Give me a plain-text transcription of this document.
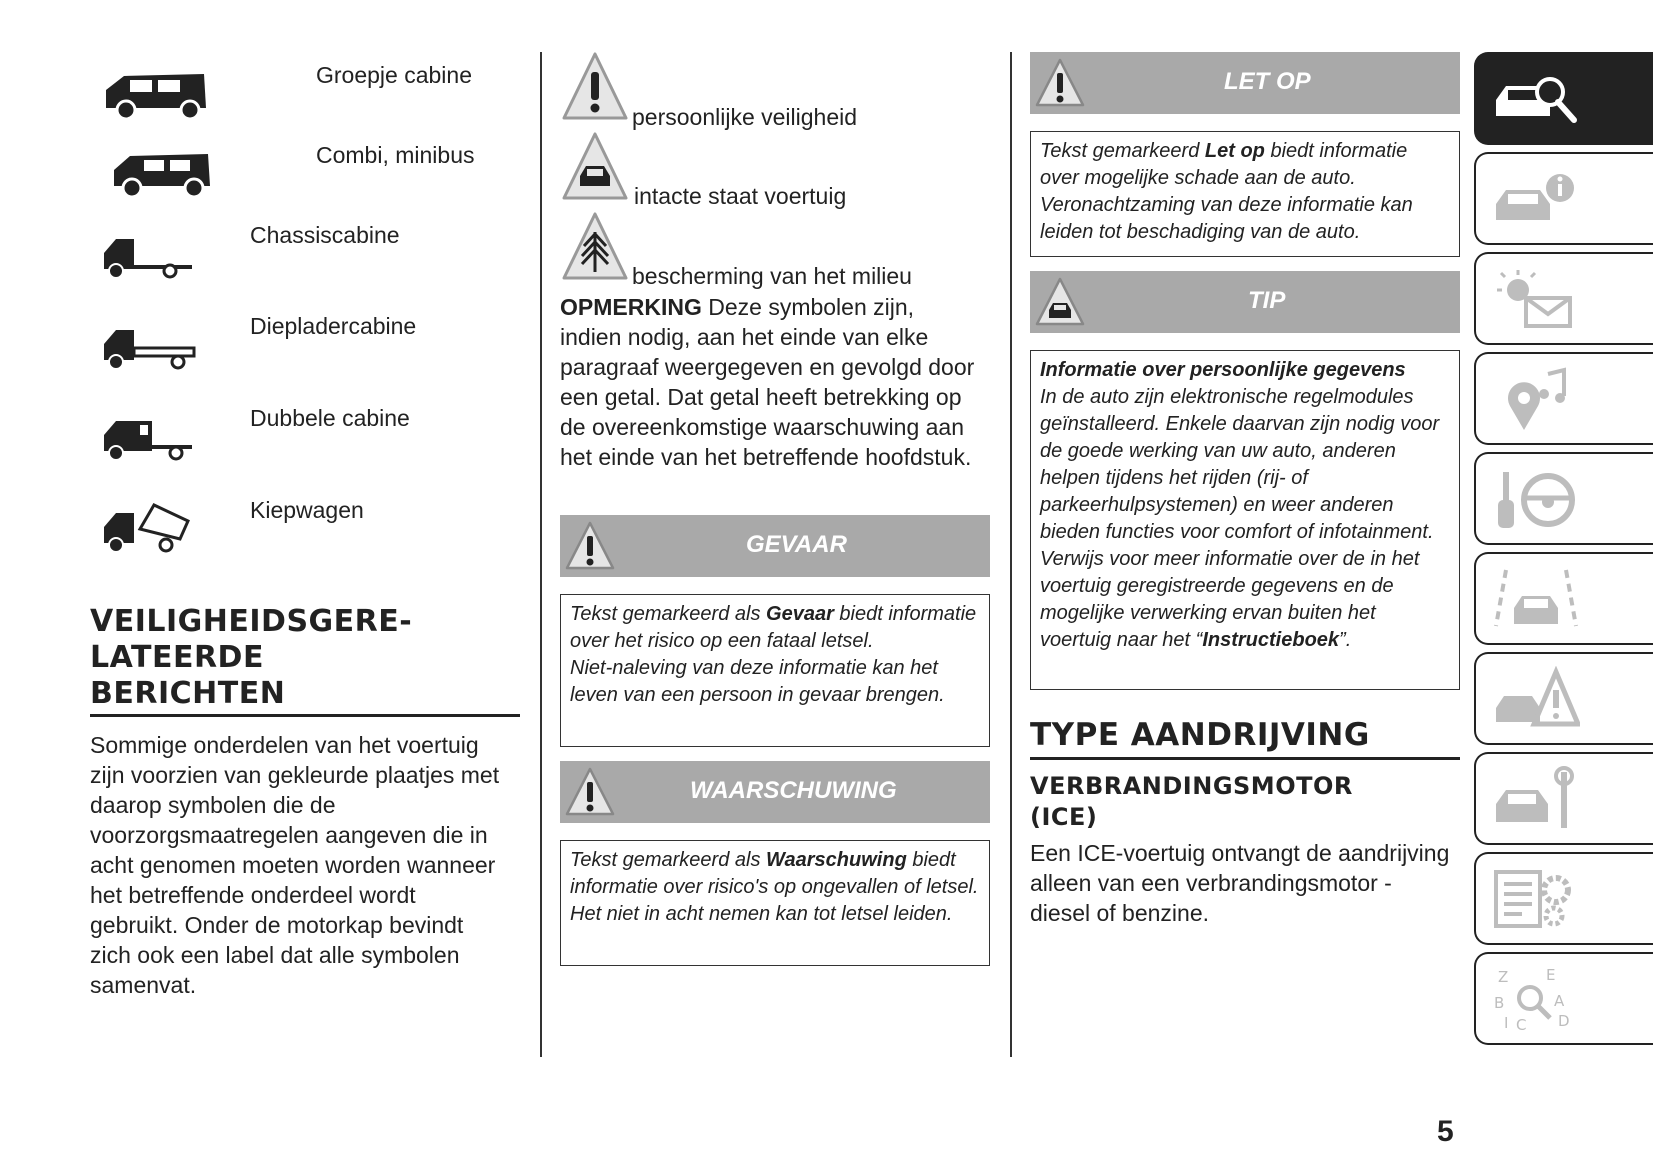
Groepje cabine
Combi, minibus
Chassiscabine
Diepladercabine
Dubbele cabine
Kiepwagen
VEILIGHEIDSGERE-
LATEERDE
BERICHTEN
Sommige onderdelen van het voertuig zijn voorzien van gekleurde plaatjes met daarop symbolen die de voorzorgsmaatregelen aangeven die in acht genomen moeten worden wanneer het betreffende onderdeel wordt gebruikt. Onder de motorkap bevindt zich ook een label dat alle symbolen samenvat.
persoonlijke veiligheid
intacte staat voertuig
bescherming van het milieu
OPMERKING Deze symbolen zijn, indien nodig, aan het einde van elke paragraaf weergegeven en gevolgd door een getal. Dat getal heeft betrekking op de overeenkomstige waarschuwing aan het einde van het betreffende hoofdstuk.
GEVAAR

Tekst gemarkeerd als Gevaar biedt informatie over het risico op een fataal letsel.

Niet-naleving van deze informatie kan het leven van een persoon in gevaar brengen.

WAARSCHUWING

Tekst gemarkeerd als Waarschuwing biedt informatie over risico's op ongevallen of letsel.

Het niet in acht nemen kan tot letsel leiden.

LET OP

Tekst gemarkeerd Let op biedt informatie over mogelijke schade aan de auto. Veronachtzaming van deze informatie kan leiden tot beschadiging van de auto.

TIP

Informatie over persoonlijke gegevens

In de auto zijn elektronische regelmodules geïnstalleerd. Enkele daarvan zijn nodig voor de goede werking van uw auto, anderen helpen tijdens het rijden (rij- of parkeerhulpsystemen) en weer anderen bieden functies voor comfort of infotainment.

Verwijs voor meer informatie over de in het voertuig geregistreerde gegevens en de mogelijke verwerking ervan buiten het voertuig naar het “Instructieboek”.

TYPE AANDRIJVING
VERBRANDINGSMOTOR
(ICE)
Een ICE-voertuig ontvangt de aandrijving alleen van een verbrandingsmotor - diesel of benzine.
Z	E
B	A
I C D
5
